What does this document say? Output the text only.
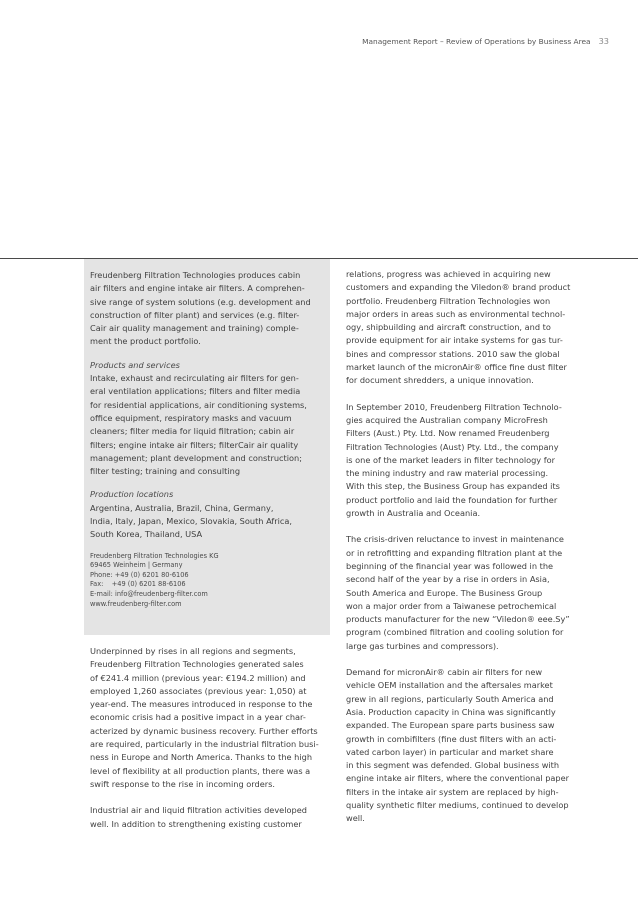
Management Report – Review of Operations by Business Area 33
Freudenberg Filtration Technologies produces cabin
air filters and engine intake air filters. A comprehen-
sive range of system solutions (e.g. development and
construction of filter plant) and services (e.g. filter-
Cair air quality management and training) comple-
ment the product portfolio.
Products and services
Intake, exhaust and recirculating air filters for gen-
eral ventilation applications; filters and filter media
for residential applications, air conditioning systems,
office equipment, respiratory masks and vacuum
cleaners; filter media for liquid filtration; cabin air
filters; engine intake air filters; filterCair air quality
management; plant development and construction;
filter testing; training and consulting
Production locations
Argentina, Australia, Brazil, China, Germany,
India, Italy, Japan, Mexico, Slovakia, South Africa,
South Korea, Thailand, USA
Freudenberg Filtration Technologies KG
69465 Weinheim | Germany
Phone: +49 (0) 6201 80-6106
Fax:    +49 (0) 6201 88-6106
E-mail: info@freudenberg-filter.com
www.freudenberg-filter.com
Underpinned by rises in all regions and segments,
Freudenberg Filtration Technologies generated sales
of €241.4 million (previous year: €194.2 million) and
employed 1,260 associates (previous year: 1,050) at
year-end. The measures introduced in response to the
economic crisis had a positive impact in a year char-
acterized by dynamic business recovery. Further efforts
are required, particularly in the industrial filtration busi-
ness in Europe and North America. Thanks to the high
level of flexibility at all production plants, there was a
swift response to the rise in incoming orders.
Industrial air and liquid filtration activities developed
well. In addition to strengthening existing customer
relations, progress was achieved in acquiring new
customers and expanding the Viledon® brand product
portfolio. Freudenberg Filtration Technologies won
major orders in areas such as environmental technol-
ogy, shipbuilding and aircraft construction, and to
provide equipment for air intake systems for gas tur-
bines and compressor stations. 2010 saw the global
market launch of the micronAir® office fine dust filter
for document shredders, a unique innovation.
In September 2010, Freudenberg Filtration Technolo-
gies acquired the Australian company MicroFresh
Filters (Aust.) Pty. Ltd. Now renamed Freudenberg
Filtration Technologies (Aust) Pty. Ltd., the company
is one of the market leaders in filter technology for
the mining industry and raw material processing.
With this step, the Business Group has expanded its
product portfolio and laid the foundation for further
growth in Australia and Oceania.
The crisis-driven reluctance to invest in maintenance
or in retrofitting and expanding filtration plant at the
beginning of the financial year was followed in the
second half of the year by a rise in orders in Asia,
South America and Europe. The Business Group
won a major order from a Taiwanese petrochemical
products manufacturer for the new “Viledon® eee.Sy”
program (combined filtration and cooling solution for
large gas turbines and compressors).
Demand for micronAir® cabin air filters for new
vehicle OEM installation and the aftersales market
grew in all regions, particularly South America and
Asia. Production capacity in China was significantly
expanded. The European spare parts business saw
growth in combifilters (fine dust filters with an acti-
vated carbon layer) in particular and market share
in this segment was defended. Global business with
engine intake air filters, where the conventional paper
filters in the intake air system are replaced by high-
quality synthetic filter mediums, continued to develop
well.
